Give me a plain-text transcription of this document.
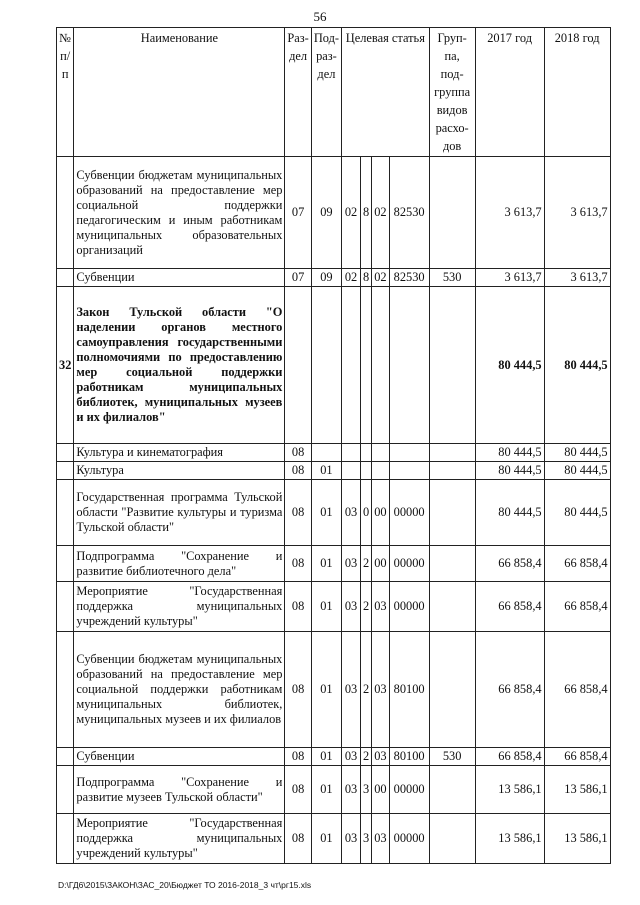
56
№ п/п	Наименование	Раз-дел	Под-раз-дел	Целевая статья				Груп-па, под-группа видов расхо-дов	2017 год	2018 год
	Субвенции бюджетам муниципальных образований на предоставление мер социальной поддержки педагогическим и иным работникам муниципальных образовательных организаций	07	09	02	8	02	82530		3 613,7	3 613,7
	Субвенции	07	09	02	8	02	82530	530	3 613,7	3 613,7
32	Закон Тульской области "О наделении органов местного самоуправления государственными полномочиями по предоставлению мер социальной поддержки работникам муниципальных библиотек, муниципальных музеев и их филиалов"								80 444,5	80 444,5
	Культура и кинематография	08							80 444,5	80 444,5
	Культура	08	01						80 444,5	80 444,5
	Государственная программа Тульской области "Развитие культуры и туризма Тульской области"	08	01	03	0	00	00000		80 444,5	80 444,5
	Подпрограмма "Сохранение и развитие библиотечного дела"	08	01	03	2	00	00000		66 858,4	66 858,4
	Мероприятие "Государственная поддержка муниципальных учреждений культуры"	08	01	03	2	03	00000		66 858,4	66 858,4
	Субвенции бюджетам муниципальных образований на предоставление мер социальной поддержки работникам муниципальных библиотек, муниципальных музеев и их филиалов	08	01	03	2	03	80100		66 858,4	66 858,4
	Субвенции	08	01	03	2	03	80100	530	66 858,4	66 858,4
	Подпрограмма "Сохранение и развитие музеев Тульской области"	08	01	03	3	00	00000		13 586,1	13 586,1
	Мероприятие "Государственная поддержка муниципальных учреждений культуры"	08	01	03	3	03	00000		13 586,1	13 586,1
D:\ГД6\2015\ЗАКОН\ЗАС_20\Бюджет ТО 2016-2018_3 чт\рг15.xls
